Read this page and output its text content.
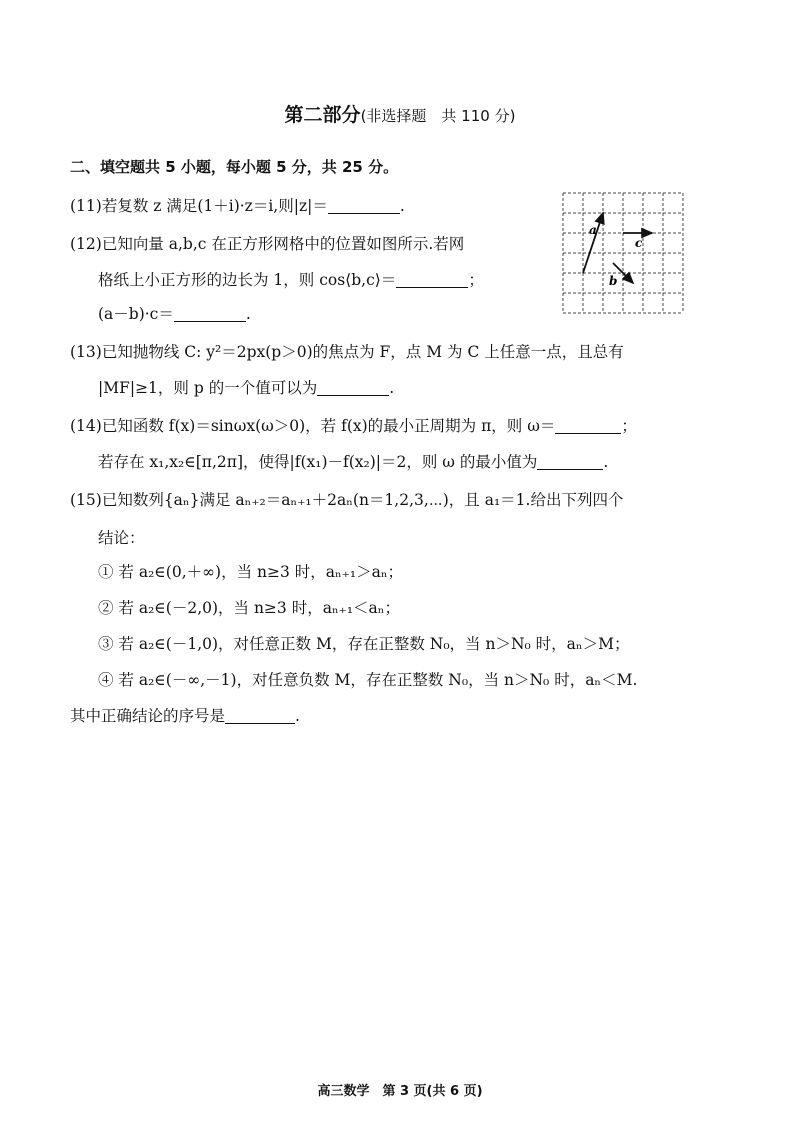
第二部分(非选择题　共 110 分)
二、填空题共 5 小题，每小题 5 分，共 25 分。
(11)若复数 z 满足(1＋i)·z＝i,则|z|＝	.
(12)已知向量 a,b,c 在正方形网格中的位置如图所示.若网
格纸上小正方形的边长为 1，则 cos⟨b,c⟩＝	；
(a－b)·c＝	.
a
c
b
(13)已知抛物线 C: y²＝2px(p＞0)的焦点为 F，点 M 为 C 上任意一点，且总有
|MF|≥1，则 p 的一个值可以为	.
(14)已知函数 f(x)＝sinωx(ω＞0)，若 f(x)的最小正周期为 π，则 ω＝	；
若存在 x₁,x₂∈[π,2π]，使得|f(x₁)－f(x₂)|＝2，则 ω 的最小值为	.
(15)已知数列{aₙ}满足 aₙ₊₂＝aₙ₊₁＋2aₙ(n＝1,2,3,⋯)，且 a₁＝1.给出下列四个
结论：
① 若 a₂∈(0,＋∞)，当 n≥3 时，aₙ₊₁＞aₙ；
② 若 a₂∈(－2,0)，当 n≥3 时，aₙ₊₁＜aₙ；
③ 若 a₂∈(－1,0)，对任意正数 M，存在正整数 N₀，当 n＞N₀ 时，aₙ＞M；
④ 若 a₂∈(－∞,－1)，对任意负数 M，存在正整数 N₀，当 n＞N₀ 时，aₙ＜M.
其中正确结论的序号是	.
高三数学　第 3 页(共 6 页)
